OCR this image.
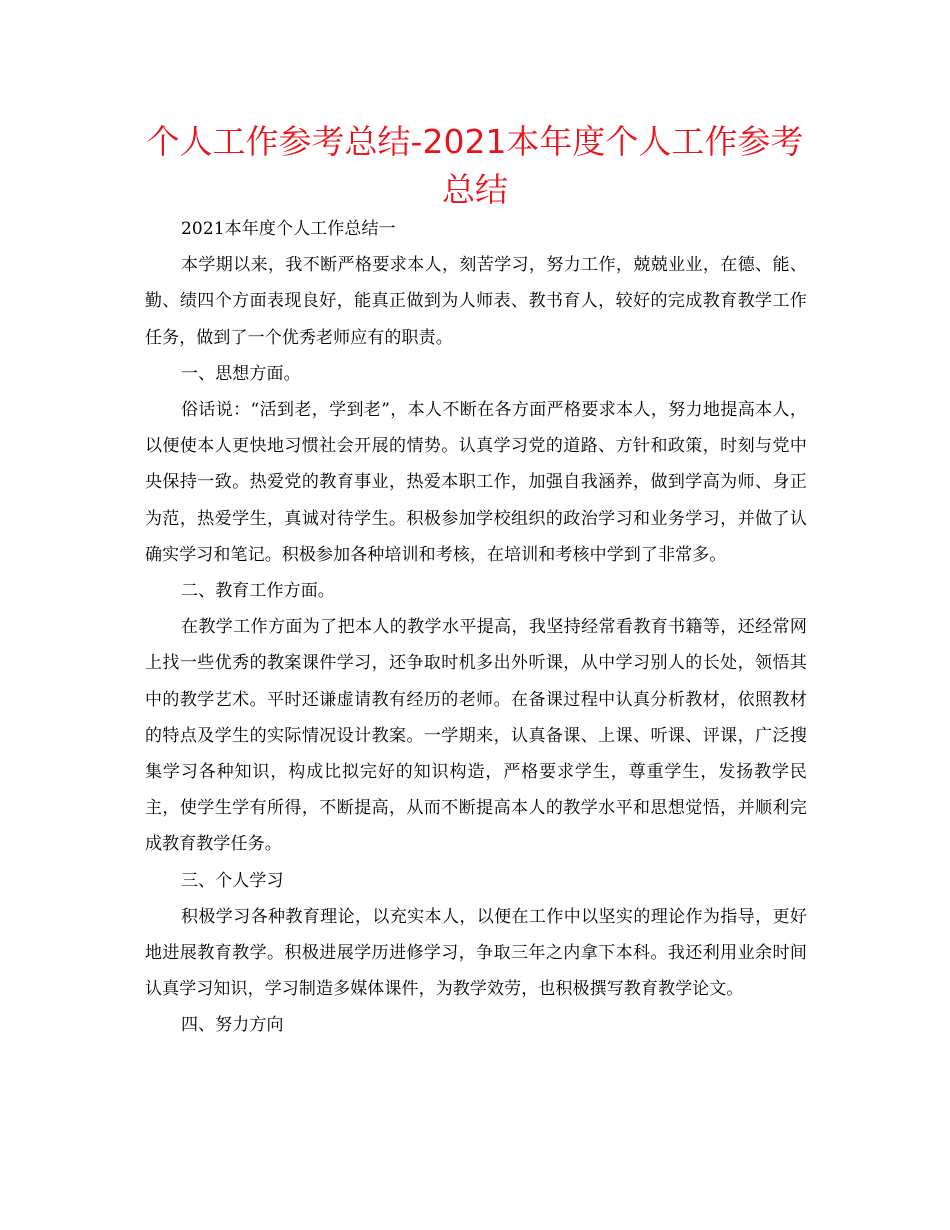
个人工作参考总结-2021本年度个人工作参考总结

2021本年度个人工作总结一

本学期以来，我不断严格要求本人，刻苦学习，努力工作，兢兢业业，在德、能、勤、绩四个方面表现良好，能真正做到为人师表、教书育人，较好的完成教育教学工作任务，做到了一个优秀老师应有的职责。

一、思想方面。

俗话说：“活到老，学到老”，本人不断在各方面严格要求本人，努力地提高本人，以便使本人更快地习惯社会开展的情势。认真学习党的道路、方针和政策，时刻与党中央保持一致。热爱党的教育事业，热爱本职工作，加强自我涵养，做到学高为师、身正为范，热爱学生，真诚对待学生。积极参加学校组织的政治学习和业务学习，并做了认确实学习和笔记。积极参加各种培训和考核，在培训和考核中学到了非常多。

二、教育工作方面。

在教学工作方面为了把本人的教学水平提高，我坚持经常看教育书籍等，还经常网上找一些优秀的教案课件学习，还争取时机多出外听课，从中学习别人的长处，领悟其中的教学艺术。平时还谦虚请教有经历的老师。在备课过程中认真分析教材，依照教材的特点及学生的实际情况设计教案。一学期来，认真备课、上课、听课、评课，广泛搜集学习各种知识，构成比拟完好的知识构造，严格要求学生，尊重学生，发扬教学民主，使学生学有所得，不断提高，从而不断提高本人的教学水平和思想觉悟，并顺利完成教育教学任务。

三、个人学习

积极学习各种教育理论，以充实本人，以便在工作中以坚实的理论作为指导，更好地进展教育教学。积极进展学历进修学习，争取三年之内拿下本科。我还利用业余时间认真学习知识，学习制造多媒体课件，为教学效劳，也积极撰写教育教学论文。

四、努力方向
